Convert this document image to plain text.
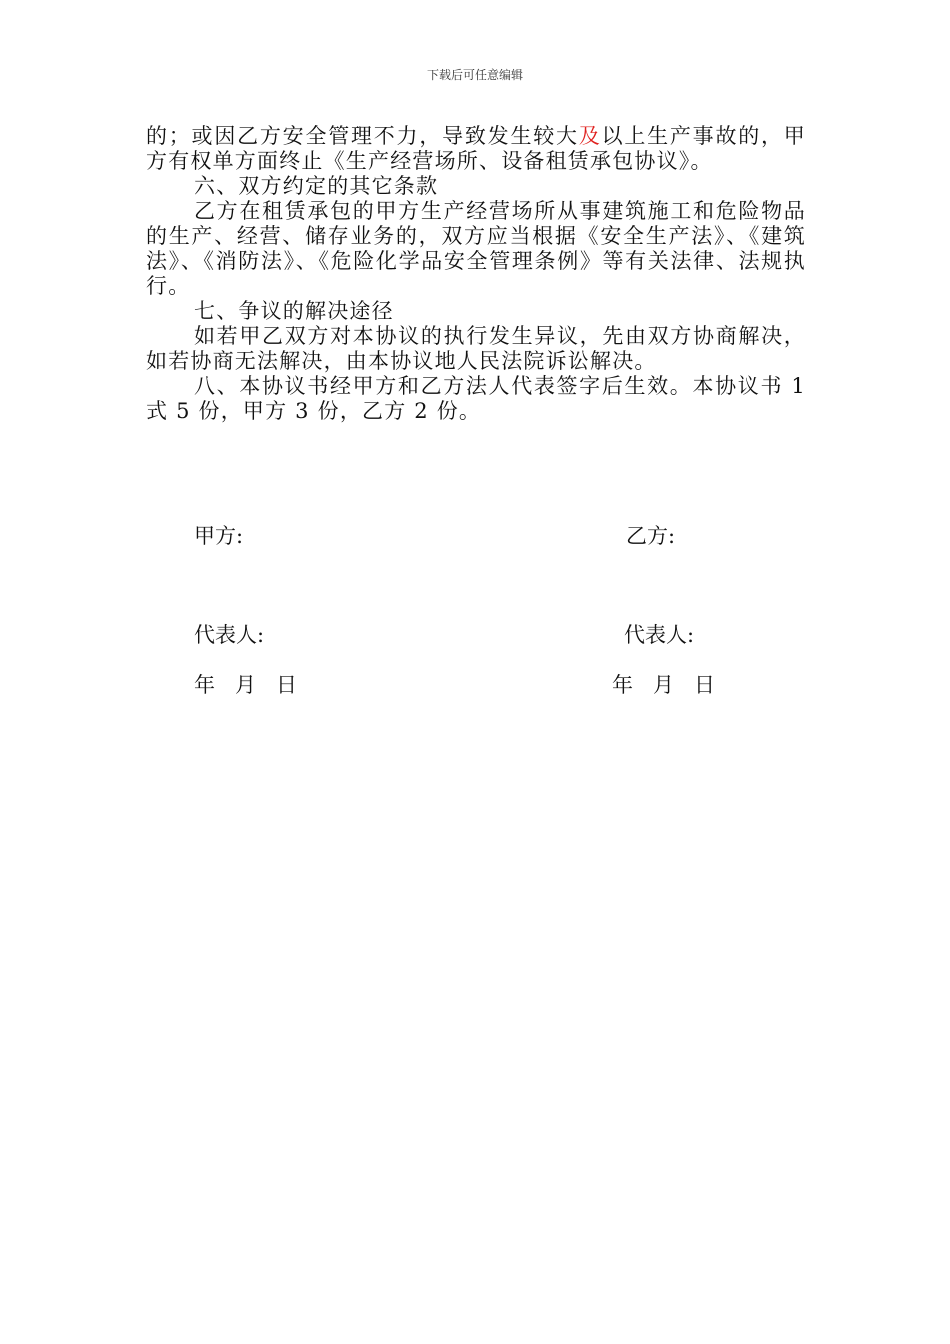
下载后可任意编辑

的；或因乙方安全管理不力，导致发生较大及以上生产事故的，甲方有权单方面终止《生产经营场所、设备租赁承包协议》。

六、双方约定的其它条款

乙方在租赁承包的甲方生产经营场所从事建筑施工和危险物品的生产、经营、储存业务的，双方应当根据《安全生产法》、《建筑法》、《消防法》、《危险化学品安全管理条例》等有关法律、法规执行。

七、争议的解决途径

如若甲乙双方对本协议的执行发生异议，先由双方协商解决，如若协商无法解决，由本协议地人民法院诉讼解决。

八、本协议书经甲方和乙方法人代表签字后生效。本协议书 1 式 5 份，甲方 3 份，乙方 2 份。

甲方:	乙方:
代表人:	代表人:
年   月   日	年   月   日
